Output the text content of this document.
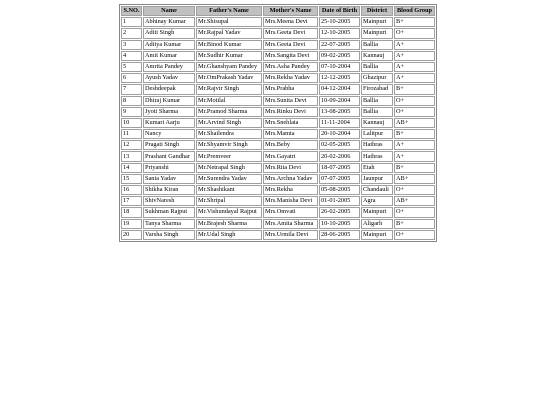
S.NO.	Name	Father's Name	Mother's Name	Date of Birth	District	Blood Group
1	Abhinay Kumar	Mr.Shisupal	Mrs.Meena Devi	25-10-2005	Mainpuri	B+
2	Aditi Singh	Mr.Rajpal Yadav	Mrs.Geeta Devi	12-10-2005	Mainpuri	O+
3	Aditya Kumar	Mr.Binod Kumar	Mrs.Geeta Devi	22-07-2005	Ballia	A+
4	Amit Kumar	Mr.Sudhir Kumar	Mrs.Sangita Devi	09-02-2005	Kannauj	A+
5	Amrita Pandey	Mr.Ghanshyam Pandey	Mrs.Asha Pandey	07-10-2004	Ballia	A+
6	Ayush Yadav	Mr.OmPrakash Yadav	Mrs.Rekha Yadav	12-12-2005	Ghazipur	A+
7	Deshdeepak	Mr.Rajvir Singh	Mrs.Prabha	04-12-2004	Firozabad	B+
8	Dhiraj Kumar	Mr.Motilal	Mrs.Sunita Devi	10-09-2004	Ballia	O+
9	Jyoti Sharma	Mr.Pramod Sharma	Mrs.Rinku Devi	13-08-2005	Ballia	O+
10	Kumari Aarju	Mr.Arvind Singh	Mrs.Snehlata	11-11-2004	Kannauj	AB+
11	Nancy	Mr.Shailendra	Mrs.Mamta	20-10-2004	Lalitpur	B+
12	Pragati Singh	Mr.Shyamvir Singh	Mrs.Beby	02-05-2005	Hathras	A+
13	Prashant Gandhar	Mr.Premveer	Mrs.Gayatri	20-02-2006	Hathras	A+
14	Priyanshi	Mr.Netrapal Singh	Mrs.Rita Devi	18-07-2005	Etah	B+
15	Sania Yadav	Mr.Surendra Yadav	Mrs.Archna Yadav	07-07-2005	Jaunpur	AB+
16	Shikha Kiran	Mr.Shashikant	Mrs.Rekha	05-08-2005	Chandauli	O+
17	ShivNaresh	Mr.Shripal	Mrs.Manisha Devi	01-01-2005	Agra	AB+
18	Sukhman Rajput	Mr.Vishundayal Rajput	Mrs.Omvati	26-02-2005	Mainpuri	O+
19	Tanya Sharma	Mr.Brajesh Sharma	Mrs.Amita Sharma	10-10-2005	Aligarh	B+
20	Varsha Singh	Mr.Udal Singh	Mrs.Urmila Devi	28-06-2005	Mainpuri	O+
